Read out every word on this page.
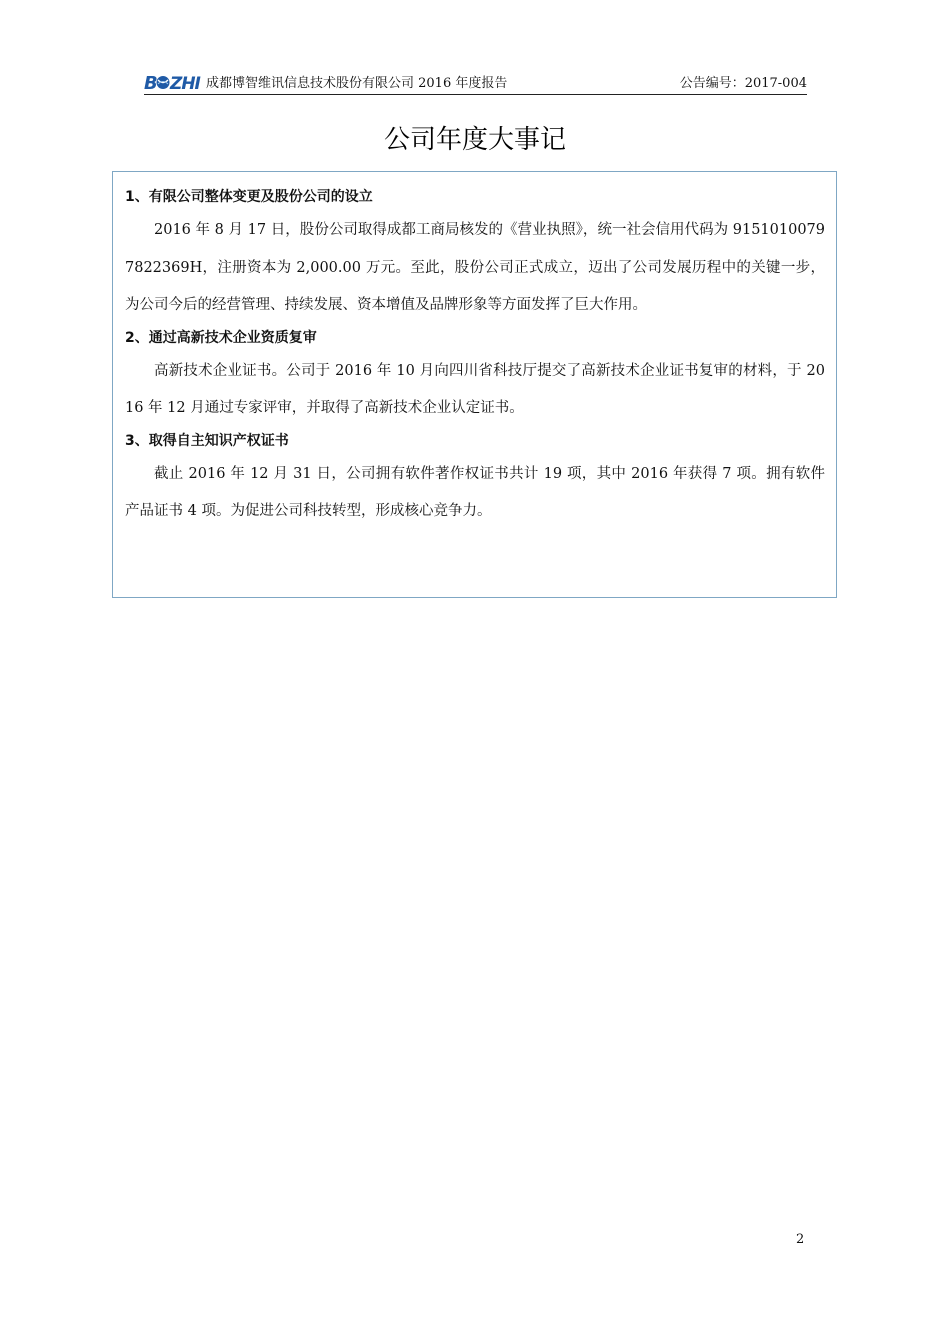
B ZHI 成都博智维讯信息技术股份有限公司 2016 年度报告	公告编号：2017-004
公司年度大事记
1、有限公司整体变更及股份公司的设立

2016 年 8 月 17 日，股份公司取得成都工商局核发的《营业执照》，统一社会信用代码为 91510100797822369H，注册资本为 2,000.00 万元。至此，股份公司正式成立，迈出了公司发展历程中的关键一步，为公司今后的经营管理、持续发展、资本增值及品牌形象等方面发挥了巨大作用。

2、通过高新技术企业资质复审

高新技术企业证书。公司于 2016 年 10 月向四川省科技厅提交了高新技术企业证书复审的材料，于 2016 年 12 月通过专家评审，并取得了高新技术企业认定证书。

3、取得自主知识产权证书

截止 2016 年 12 月 31 日，公司拥有软件著作权证书共计 19 项，其中 2016 年获得 7 项。拥有软件产品证书 4 项。为促进公司科技转型，形成核心竞争力。

2
